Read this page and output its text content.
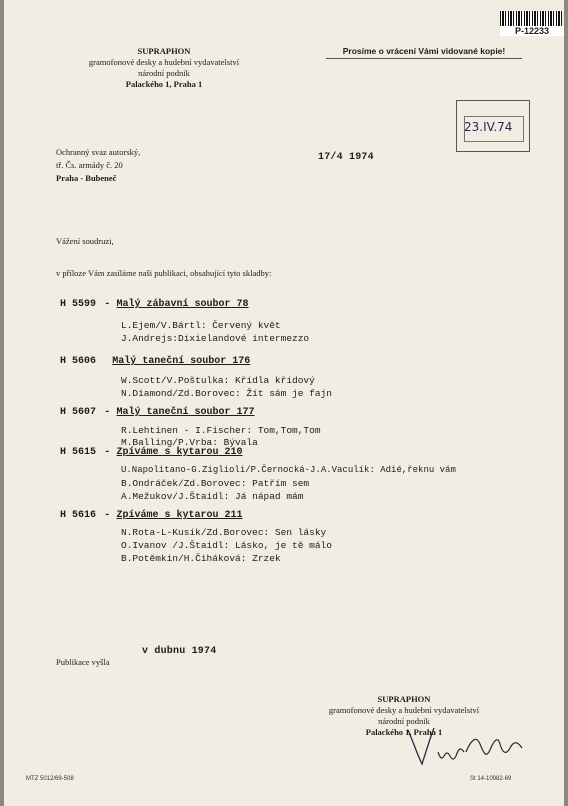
P-12233
SUPRAPHON
gramofonové desky a hudební vydavatelství
národní podnik
Palackého 1, Praha 1
Prosíme o vrácení Vámi vidované kopie!
23.IV.74
Ochranný svaz autorský,
tř. Čs. armády č. 20
Praha - Bubeneč
17/4 1974
Vážení soudruzi,
v příloze Vám zasíláme naši publikaci, obsahující tyto skladby:
H 5599 - Malý zábavní soubor 78
L.Ejem/V.Bártl: Červený květ
J.Andrejs:Dixielandové intermezzo
H 5606 Malý taneční soubor 176
W.Scott/V.Poštulka: Křídla křídový
N.Diamond/Zd.Borovec: Žít sám je fajn
H 5607 - Malý taneční soubor 177
R.Lehtinen - I.Fischer: Tom,Tom,Tom
M.Balling/P.Vrba: Bývala
H 5615 - Zpíváme s kytarou 210
U.Napolitano-G.Ziglioli/P.Černocká-J.A.Vaculík: Adié,řeknu vám
B.Ondráček/Zd.Borovec: Patřím sem
A.Mežukov/J.Štaidl: Já nápad mám
H 5616 - Zpíváme s kytarou 211
N.Rota-L-Kusík/Zd.Borovec: Sen lásky
O.Ivanov /J.Štaidl: Lásko, je tě málo
B.Potěmkin/H.Čiháková: Zrzek
Publikace vyšla
v dubnu 1974
SUPRAPHON
gramofonové desky a hudební vydavatelství
národní podnik
Palackého 1, Praha 1
MTZ 5012/69-508	St 14-10982-69
